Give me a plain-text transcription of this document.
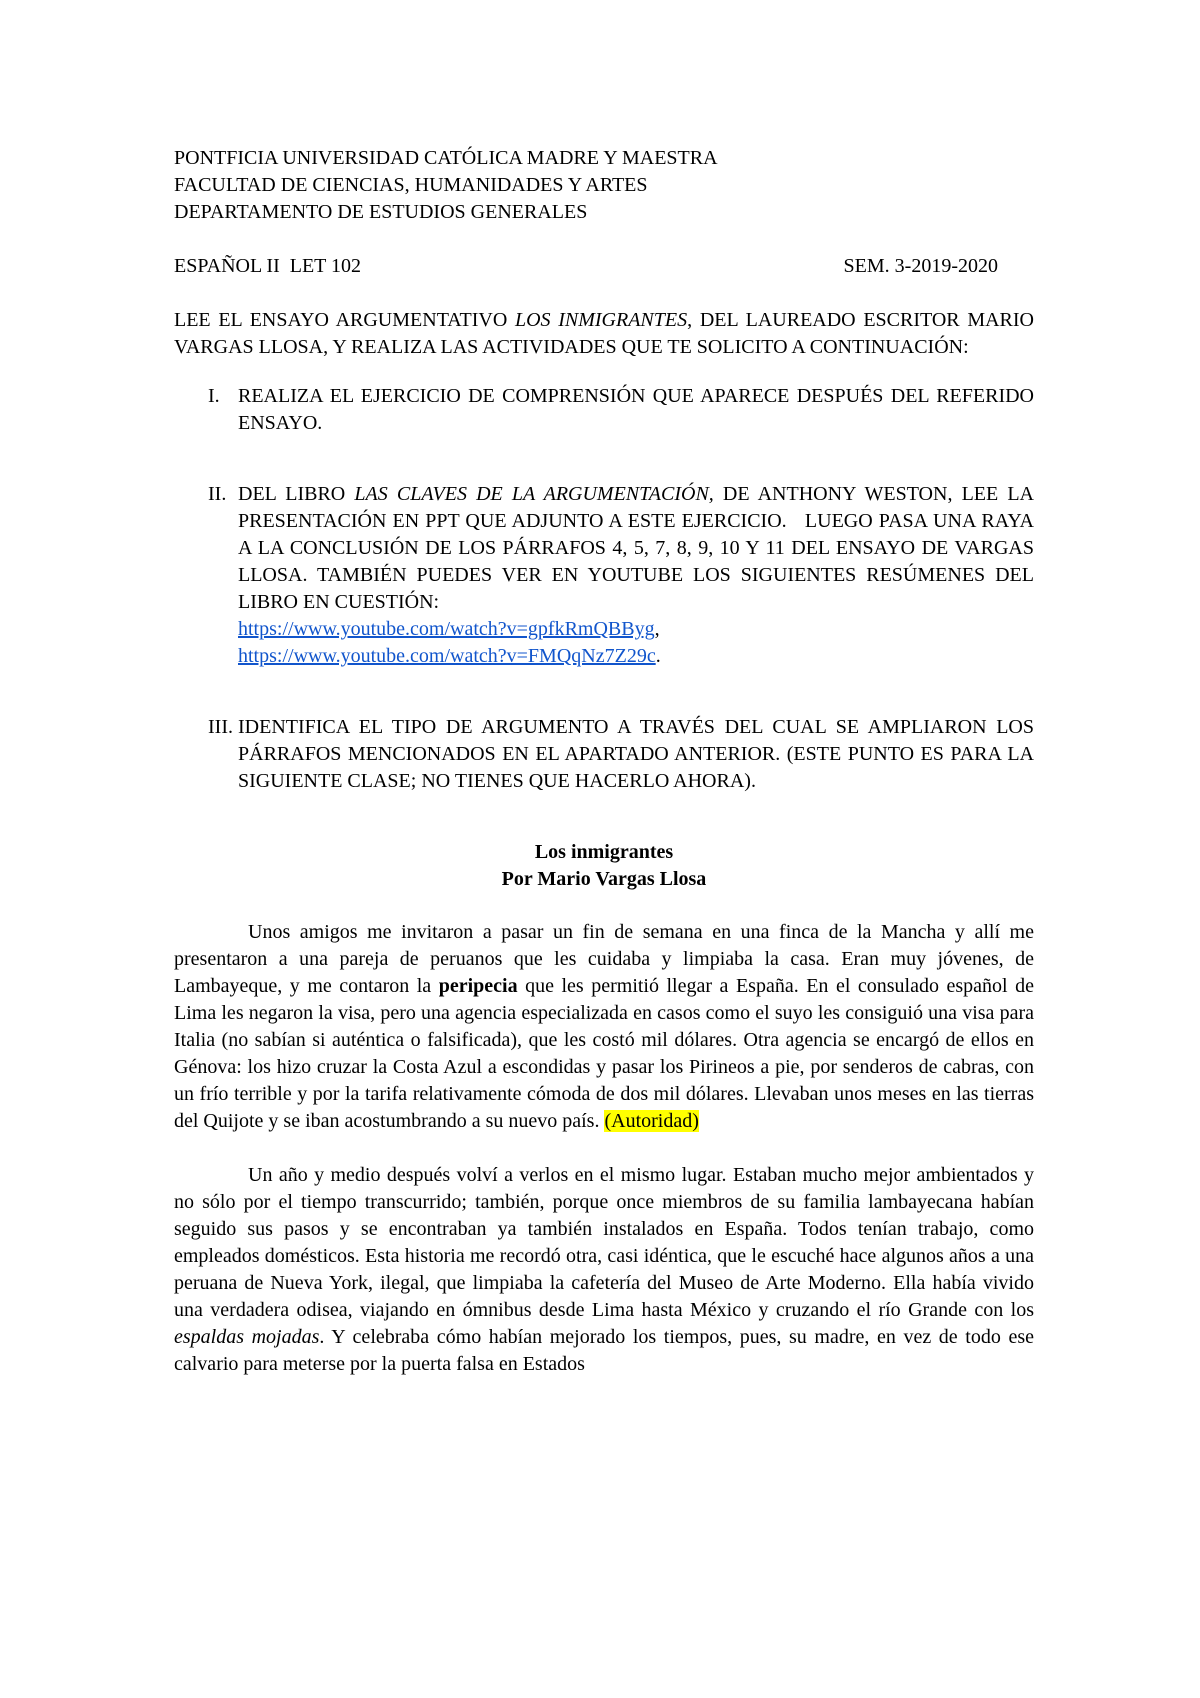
PONTFICIA UNIVERSIDAD CATÓLICA MADRE Y MAESTRA
FACULTAD DE CIENCIAS, HUMANIDADES Y ARTES
DEPARTAMENTO DE ESTUDIOS GENERALES
ESPAÑOL II  LET 102	SEM. 3-2019-2020
LEE EL ENSAYO ARGUMENTATIVO LOS INMIGRANTES, DEL LAUREADO ESCRITOR MARIO VARGAS LLOSA, Y REALIZA LAS ACTIVIDADES QUE TE SOLICITO A CONTINUACIÓN:
I. REALIZA EL EJERCICIO DE COMPRENSIÓN QUE APARECE DESPUÉS DEL REFERIDO ENSAYO.
II. DEL LIBRO LAS CLAVES DE LA ARGUMENTACIÓN, DE ANTHONY WESTON, LEE LA PRESENTACIÓN EN PPT QUE ADJUNTO A ESTE EJERCICIO.   LUEGO PASA UNA RAYA A LA CONCLUSIÓN DE LOS PÁRRAFOS 4, 5, 7, 8, 9, 10 Y 11 DEL ENSAYO DE VARGAS LLOSA. TAMBIÉN PUEDES VER EN YOUTUBE LOS SIGUIENTES RESÚMENES DEL LIBRO EN CUESTIÓN:
https://www.youtube.com/watch?v=gpfkRmQBByg,
https://www.youtube.com/watch?v=FMQqNz7Z29c.
III. IDENTIFICA EL TIPO DE ARGUMENTO A TRAVÉS DEL CUAL SE AMPLIARON LOS PÁRRAFOS MENCIONADOS EN EL APARTADO ANTERIOR. (ESTE PUNTO ES PARA LA SIGUIENTE CLASE; NO TIENES QUE HACERLO AHORA).
Los inmigrantes
Por Mario Vargas Llosa
Unos amigos me invitaron a pasar un fin de semana en una finca de la Mancha y allí me presentaron a una pareja de peruanos que les cuidaba y limpiaba la casa. Eran muy jóvenes, de Lambayeque, y me contaron la peripecia que les permitió llegar a España. En el consulado español de Lima les negaron la visa, pero una agencia especializada en casos como el suyo les consiguió una visa para Italia (no sabían si auténtica o falsificada), que les costó mil dólares. Otra agencia se encargó de ellos en Génova: los hizo cruzar la Costa Azul a escondidas y pasar los Pirineos a pie, por senderos de cabras, con un frío terrible y por la tarifa relativamente cómoda de dos mil dólares. Llevaban unos meses en las tierras del Quijote y se iban acostumbrando a su nuevo país. (Autoridad)
Un año y medio después volví a verlos en el mismo lugar. Estaban mucho mejor ambientados y no sólo por el tiempo transcurrido; también, porque once miembros de su familia lambayecana habían seguido sus pasos y se encontraban ya también instalados en España. Todos tenían trabajo, como empleados domésticos. Esta historia me recordó otra, casi idéntica, que le escuché hace algunos años a una peruana de Nueva York, ilegal, que limpiaba la cafetería del Museo de Arte Moderno. Ella había vivido una verdadera odisea, viajando en ómnibus desde Lima hasta México y cruzando el río Grande con los espaldas mojadas. Y celebraba cómo habían mejorado los tiempos, pues, su madre, en vez de todo ese calvario para meterse por la puerta falsa en Estados
